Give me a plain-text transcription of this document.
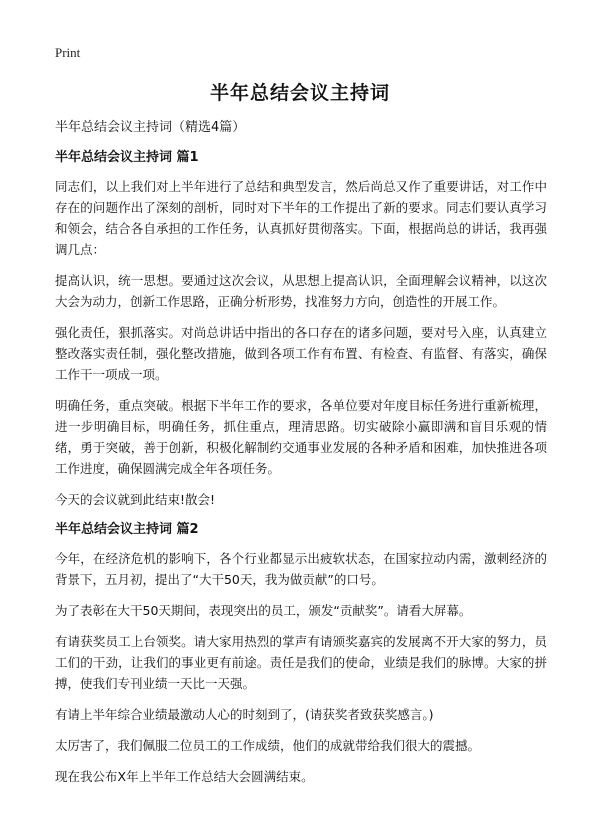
Print
半年总结会议主持词
半年总结会议主持词（精选4篇）
半年总结会议主持词 篇1

同志们，以上我们对上半年进行了总结和典型发言，然后尚总又作了重要讲话，对工作中存在的问题作出了深刻的剖析，同时对下半年的工作提出了新的要求。同志们要认真学习和领会，结合各自承担的工作任务，认真抓好贯彻落实。下面，根据尚总的讲话，我再强调几点：

提高认识，统一思想。要通过这次会议，从思想上提高认识，全面理解会议精神，以这次大会为动力，创新工作思路，正确分析形势，找准努力方向，创造性的开展工作。

强化责任，狠抓落实。对尚总讲话中指出的各口存在的诸多问题，要对号入座，认真建立整改落实责任制，强化整改措施，做到各项工作有布置、有检查、有监督、有落实，确保工作干一项成一项。

明确任务，重点突破。根据下半年工作的要求，各单位要对年度目标任务进行重新梳理，进一步明确目标，明确任务，抓住重点，理清思路。切实破除小赢即满和盲目乐观的情绪，勇于突破，善于创新，积极化解制约交通事业发展的各种矛盾和困难，加快推进各项工作进度，确保圆满完成全年各项任务。

今天的会议就到此结束!散会!

半年总结会议主持词 篇2

今年，在经济危机的影响下，各个行业都显示出疲软状态，在国家拉动内需，激刺经济的背景下，五月初，提出了“大干50天，我为做贡献”的口号。

为了表彰在大干50天期间，表现突出的员工，颁发“贡献奖”。请看大屏幕。

有请获奖员工上台领奖。请大家用热烈的掌声有请颁奖嘉宾的发展离不开大家的努力，员工们的干劲，让我们的事业更有前途。责任是我们的使命，业绩是我们的脉博。大家的拼搏，使我们专刊业绩一天比一天强。

有请上半年综合业绩最激动人心的时刻到了，(请获奖者致获奖感言。)

太厉害了，我们佩服二位员工的工作成绩，他们的成就带给我们很大的震撼。

现在我公布X年上半年工作总结大会圆满结束。
